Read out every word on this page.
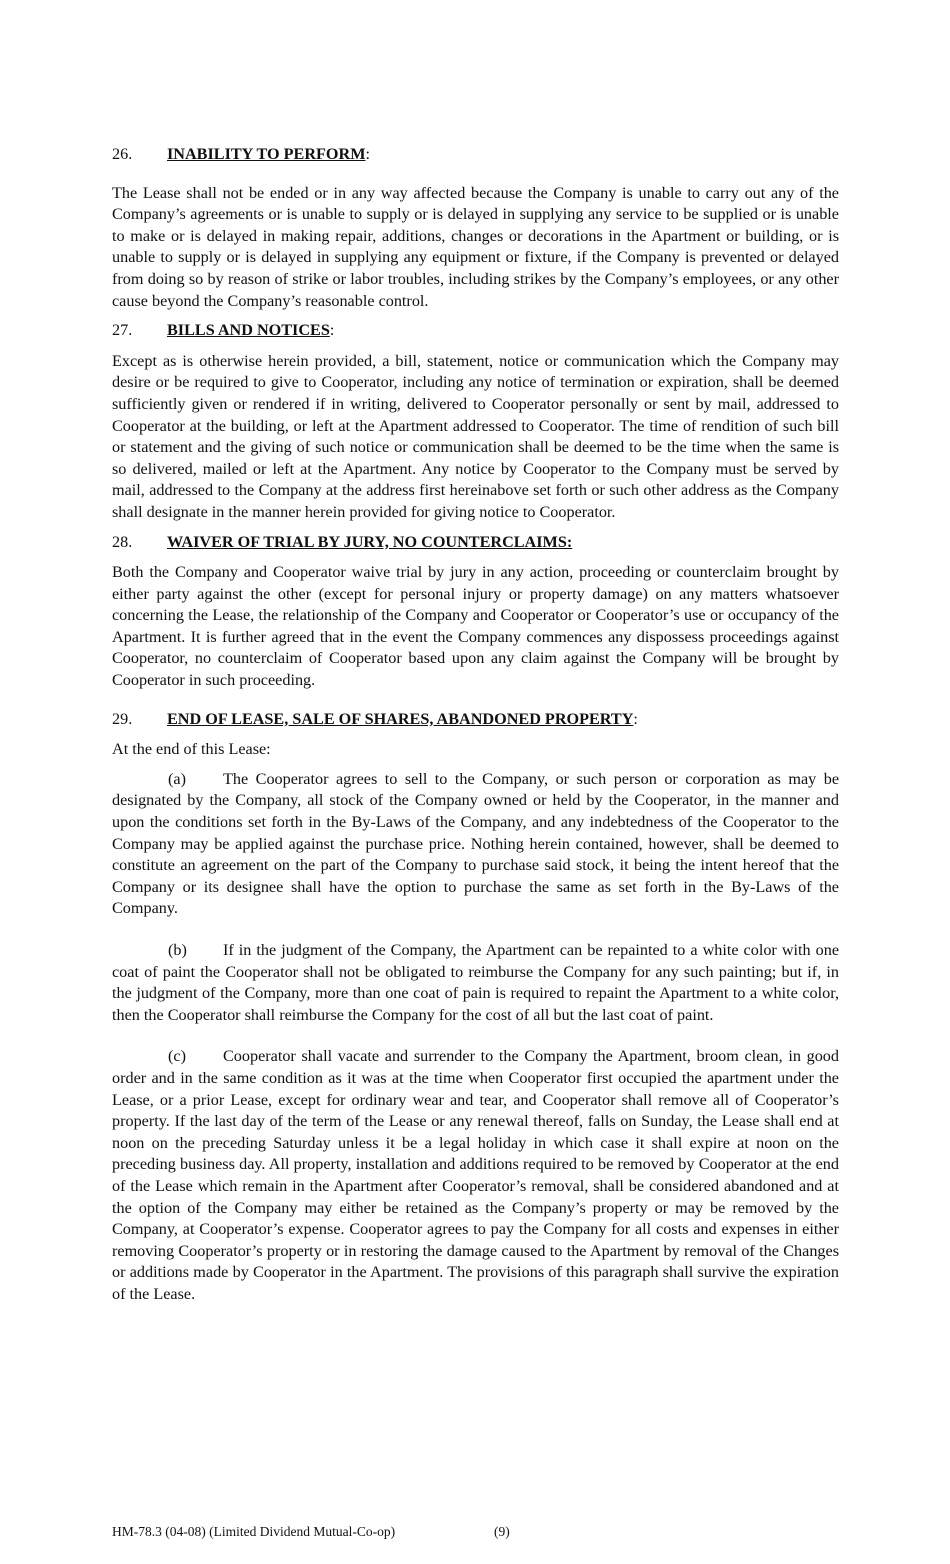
26. INABILITY TO PERFORM:

The Lease shall not be ended or in any way affected because the Company is unable to carry out any of the Company’s agreements or is unable to supply or is delayed in supplying any service to be supplied or is unable to make or is delayed in making repair, additions, changes or decorations in the Apartment or building, or is unable to supply or is delayed in supplying any equipment or fixture, if the Company is prevented or delayed from doing so by reason of strike or labor troubles, including strikes by the Company’s employees, or any other cause beyond the Company’s reasonable control.

27. BILLS AND NOTICES:

Except as is otherwise herein provided, a bill, statement, notice or communication which the Company may desire or be required to give to Cooperator, including any notice of termination or expiration, shall be deemed sufficiently given or rendered if in writing, delivered to Cooperator personally or sent by mail, addressed to Cooperator at the building, or left at the Apartment addressed to Cooperator. The time of rendition of such bill or statement and the giving of such notice or communication shall be deemed to be the time when the same is so delivered, mailed or left at the Apartment. Any notice by Cooperator to the Company must be served by mail, addressed to the Company at the address first hereinabove set forth or such other address as the Company shall designate in the manner herein provided for giving notice to Cooperator.

28. WAIVER OF TRIAL BY JURY, NO COUNTERCLAIMS:

Both the Company and Cooperator waive trial by jury in any action, proceeding or counterclaim brought by either party against the other (except for personal injury or property damage) on any matters whatsoever concerning the Lease, the relationship of the Company and Cooperator or Cooperator’s use or occupancy of the Apartment. It is further agreed that in the event the Company commences any dispossess proceedings against Cooperator, no counterclaim of Cooperator based upon any claim against the Company will be brought by Cooperator in such proceeding.

29. END OF LEASE, SALE OF SHARES, ABANDONED PROPERTY:

At the end of this Lease:

(a) The Cooperator agrees to sell to the Company, or such person or corporation as may be designated by the Company, all stock of the Company owned or held by the Cooperator, in the manner and upon the conditions set forth in the By-Laws of the Company, and any indebtedness of the Cooperator to the Company may be applied against the purchase price. Nothing herein contained, however, shall be deemed to constitute an agreement on the part of the Company to purchase said stock, it being the intent hereof that the Company or its designee shall have the option to purchase the same as set forth in the By-Laws of the Company.

(b) If in the judgment of the Company, the Apartment can be repainted to a white color with one coat of paint the Cooperator shall not be obligated to reimburse the Company for any such painting; but if, in the judgment of the Company, more than one coat of pain is required to repaint the Apartment to a white color, then the Cooperator shall reimburse the Company for the cost of all but the last coat of paint.

(c) Cooperator shall vacate and surrender to the Company the Apartment, broom clean, in good order and in the same condition as it was at the time when Cooperator first occupied the apartment under the Lease, or a prior Lease, except for ordinary wear and tear, and Cooperator shall remove all of Cooperator’s property. If the last day of the term of the Lease or any renewal thereof, falls on Sunday, the Lease shall end at noon on the preceding Saturday unless it be a legal holiday in which case it shall expire at noon on the preceding business day. All property, installation and additions required to be removed by Cooperator at the end of the Lease which remain in the Apartment after Cooperator’s removal, shall be considered abandoned and at the option of the Company may either be retained as the Company’s property or may be removed by the Company, at Cooperator’s expense. Cooperator agrees to pay the Company for all costs and expenses in either removing Cooperator’s property or in restoring the damage caused to the Apartment by removal of the Changes or additions made by Cooperator in the Apartment. The provisions of this paragraph shall survive the expiration of the Lease.

HM-78.3 (04-08) (Limited Dividend Mutual-Co-op)	(9)
